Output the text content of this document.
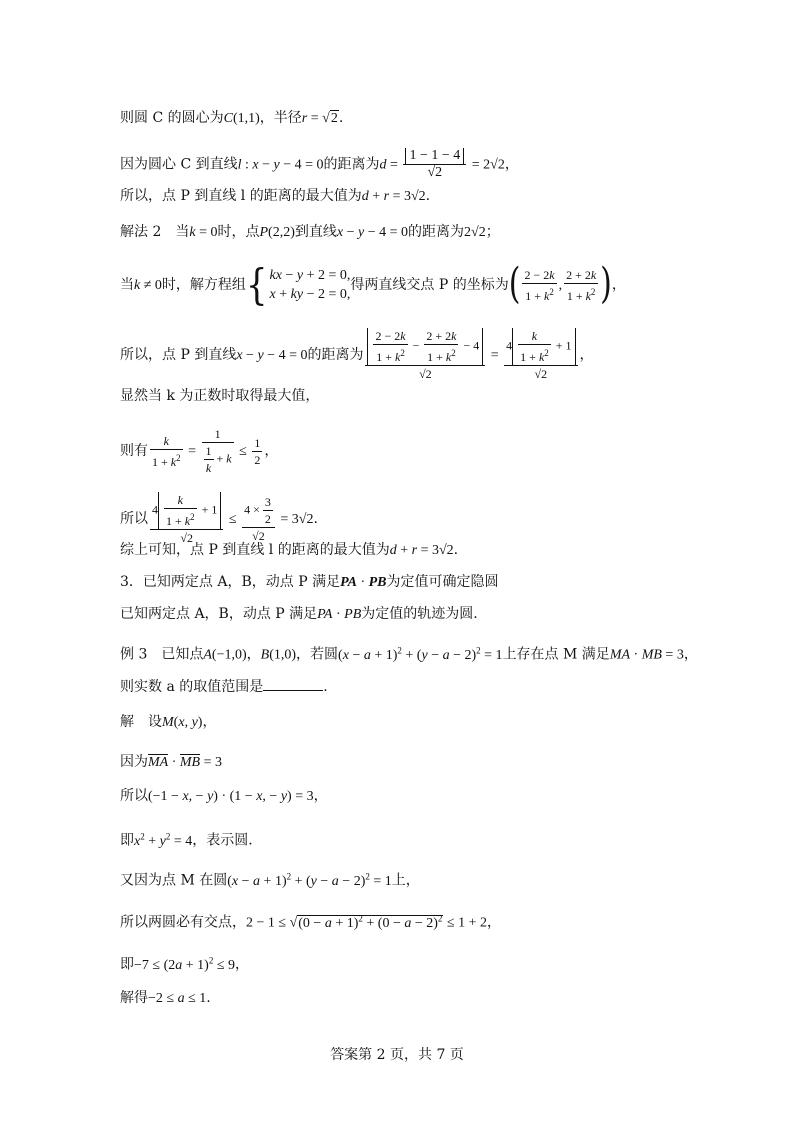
则圆 C 的圆心为C(1,1)，半径r = √2.
因为圆心 C 到直线l : x − y − 4 = 0的距离为$d = \frac{1 - 1 - 4}{√2} = 2√2$，
所以，点 P 到直线 l 的距离的最大值为d + r = 3√2.
解法 2　当k = 0时，点P(2,2)到直线x − y − 4 = 0的距离为2√2；
当k ≠ 0时，解方程组{ kx − y + 2 = 0,
x + ky − 2 = 0,得两直线交点 P 的坐标为( $\frac{2 - 2k}{1 + k^2}$ , $\frac{2 + 2k}{1 + k^2}$ )，
所以，点 P 到直线x − y − 4 = 0的距离为 $\frac{\frac{2 - 2k}{1 + k^2} - \frac{2 + 2k}{1 + k^2} - 4}{√2} = \frac{4 \frac{k}{1 + k^2} + 1}{√2}$ ，
显然当 k 为正数时取得最大值，
则有 $\frac{k}{1 + k^2} = \frac{1}{\frac{1}{k} + k} \le \frac{1}{2}$ ，
所以 $\frac{4 \frac{k}{1 + k^2} + 1}{√2} \le \frac{4 \times \frac{3}{2}}{√2} = 3√2$.
综上可知，点 P 到直线 l 的距离的最大值为d + r = 3√2.
3．已知两定点 A，B，动点 P 满足PA · PB为定值可确定隐圆
已知两定点 A，B，动点 P 满足PA · PB为定值的轨迹为圆.
例 3　已知点A(−1,0)，B(1,0)，若圆$(x - a + 1)^2 + (y - a - 2)^2 = 1$上存在点 M 满足MA · MB = 3，
则实数 a 的取值范围是	.
解　设M(x, y)，
因为MA · MB = 3
所以(−1 − x, − y) · (1 − x, − y) = 3，
即$x^2 + y^2 = 4$，表示圆.
又因为点 M 在圆$(x - a + 1)^2 + (y - a - 2)^2 = 1$上，
所以两圆必有交点，$2 - 1 \le √(0 - a + 1)^2 + (0 - a - 2)^2 \le 1 + 2$，
即$-7 \le (2a + 1)^2 \le 9$，
解得−2 ≤ a ≤ 1.
答案第 2 页，共 7 页
